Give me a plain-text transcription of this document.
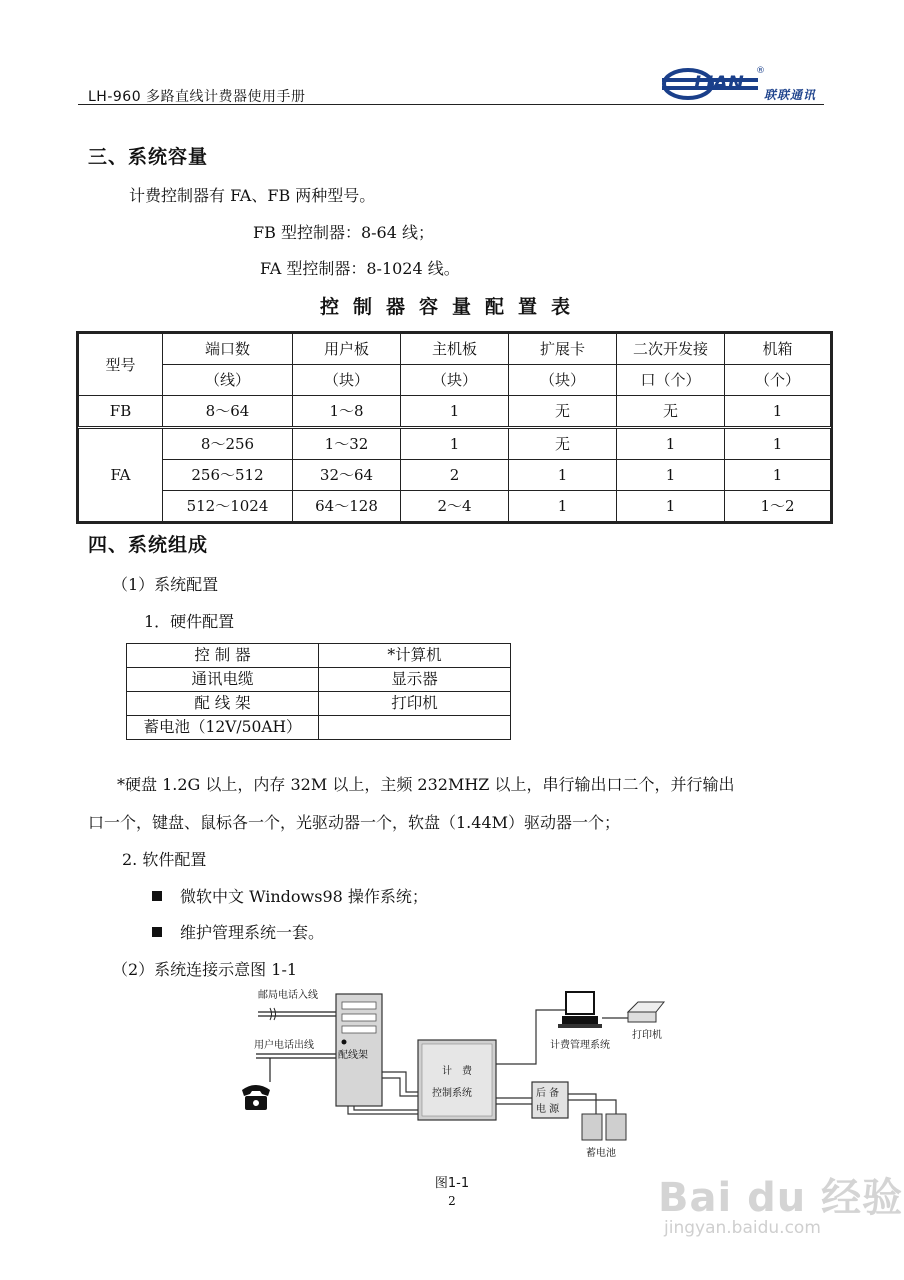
LH-960 多路直线计费器使用手册
LIAN
®
联联通讯
三、系统容量
计费控制器有 FA、FB 两种型号。
FB 型控制器：8-64 线；
FA 型控制器：8-1024 线。
控制器容量配置表
型号	端口数	用户板	主机板	扩展卡	二次开发接	机箱
	（线）	（块）	（块）	（块）	口（个）	（个）
FB	8～64	1～8	1	无	无	1
FA	8～256	1～32	1	无	1	1
	256～512	32～64	2	1	1	1
	512～1024	64～128	2～4	1	1	1～2
四、系统组成
（1）系统配置
1．硬件配置
控 制 器	*计算机
通讯电缆	显示器
配 线 架	打印机
蓄电池（12V/50AH）	
*硬盘 1.2G 以上，内存 32M 以上，主频 232MHZ 以上，串行输出口二个，并行输出
口一个，键盘、鼠标各一个，光驱动器一个，软盘（1.44M）驱动器一个；
2. 软件配置
微软中文 Windows98 操作系统；
维护管理系统一套。
（2）系统连接示意图 1-1
邮局电话入线
用户电话出线
配线架
计　费
控制系统
计费管理系统
打印机
后 备
电 源
蓄电池
图1-1
2	Bai du 经验
jingyan.baidu.com
